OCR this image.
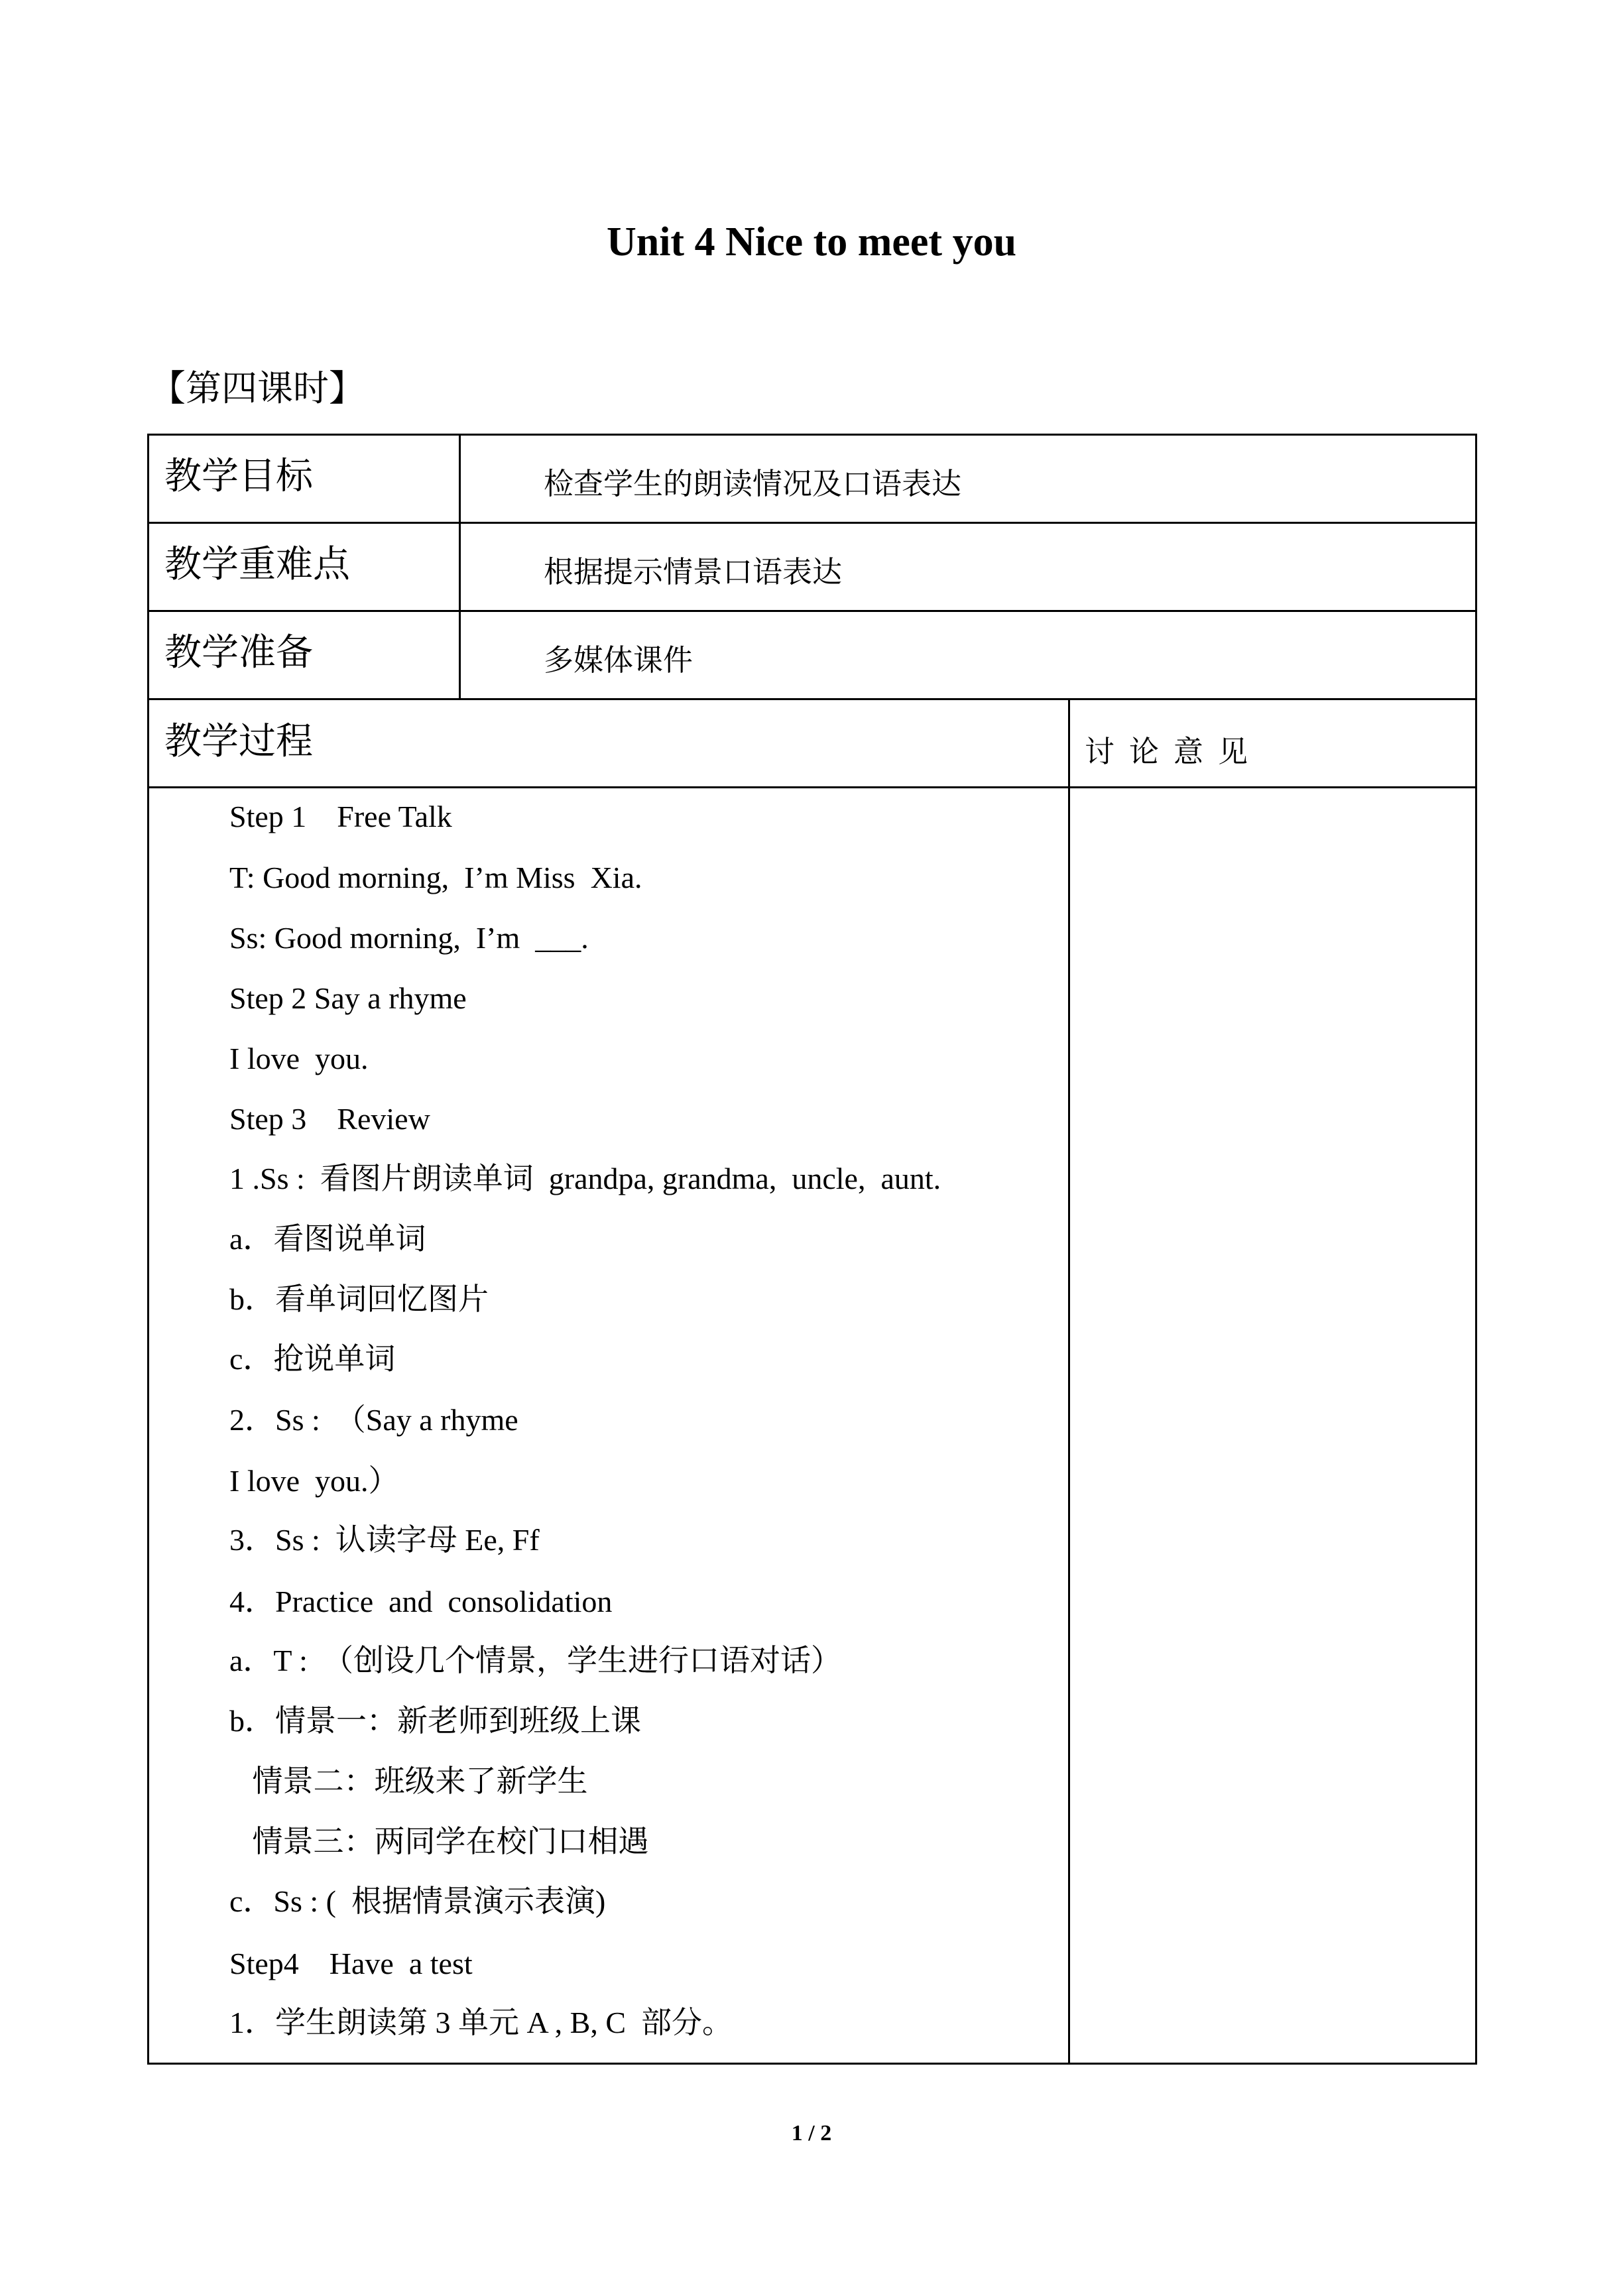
Unit 4 Nice to meet you
【第四课时】
教学目标	检查学生的朗读情况及口语表达
教学重难点	根据提示情景口语表达
教学准备	多媒体课件
教学过程	讨论意见
Step 1    Free Talk
T: Good morning,  I’m Miss  Xia.
Ss: Good morning,  I’m  ___.
Step 2 Say a rhyme
I love  you.
Step 3    Review
1 .Ss :  看图片朗读单词  grandpa, grandma,  uncle,  aunt.
a．看图说单词
b．看单词回忆图片
c．抢说单词
2．Ss :  （Say a rhyme
I love  you.）
3．Ss :  认读字母 Ee, Ff
4．Practice  and  consolidation
a．T :  （创设几个情景，学生进行口语对话）
b．情景一：新老师到班级上课
情景二：班级来了新学生
情景三：两同学在校门口相遇
c．Ss : (  根据情景演示表演)
Step4    Have  a test
1．学生朗读第 3 单元 A , B, C  部分。
1 / 2
